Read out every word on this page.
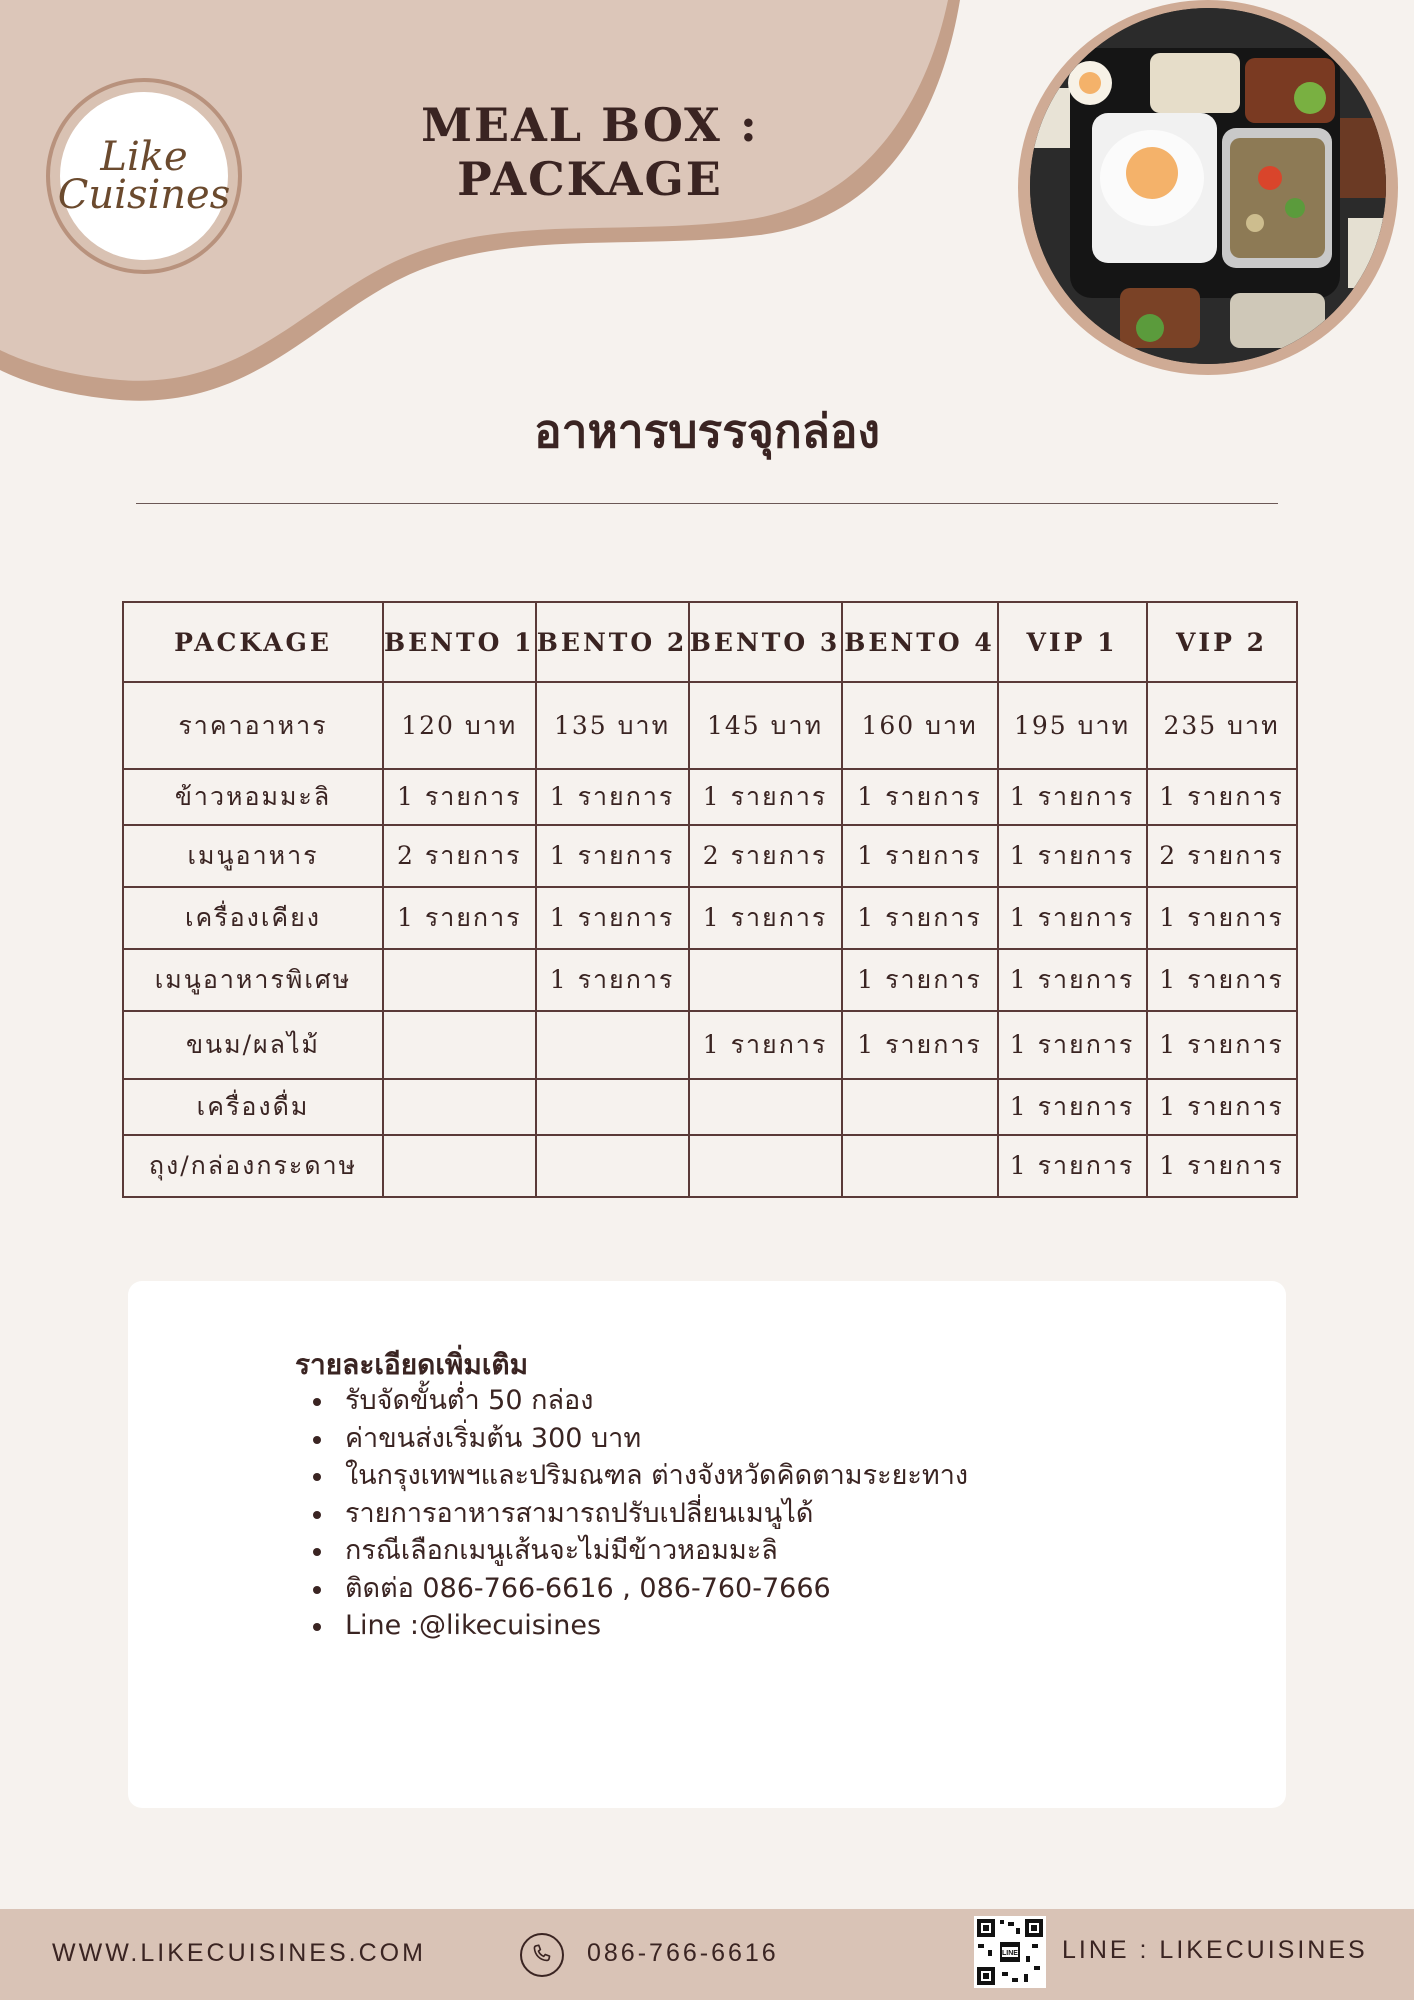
Like
Cuisines
MEAL BOX : PACKAGE
อาหารบรรจุกล่อง
PACKAGE	BENTO 1	BENTO 2	BENTO 3	BENTO 4	VIP 1	VIP 2
ราคาอาหาร	120 บาท	135 บาท	145 บาท	160 บาท	195 บาท	235 บาท
ข้าวหอมมะลิ	1 รายการ	1 รายการ	1 รายการ	1 รายการ	1 รายการ	1 รายการ
เมนูอาหาร	2 รายการ	1 รายการ	2 รายการ	1 รายการ	1 รายการ	2 รายการ
เครื่องเคียง	1 รายการ	1 รายการ	1 รายการ	1 รายการ	1 รายการ	1 รายการ
เมนูอาหารพิเศษ		1 รายการ		1 รายการ	1 รายการ	1 รายการ
ขนม/ผลไม้			1 รายการ	1 รายการ	1 รายการ	1 รายการ
เครื่องดื่ม					1 รายการ	1 รายการ
ถุง/กล่องกระดาษ					1 รายการ	1 รายการ
รายละเอียดเพิ่มเติม
รับจัดขั้นต่ำ 50 กล่อง
ค่าขนส่งเริ่มต้น 300 บาท
ในกรุงเทพฯและปริมณฑล ต่างจังหวัดคิดตามระยะทาง
รายการอาหารสามารถปรับเปลี่ยนเมนูได้
กรณีเลือกเมนูเส้นจะไม่มีข้าวหอมมะลิ
ติดต่อ 086-766-6616 , 086-760-7666
Line :@likecuisines
WWW.LIKECUISINES.COM	086-766-6616	LINE LINE : LIKECUISINES
